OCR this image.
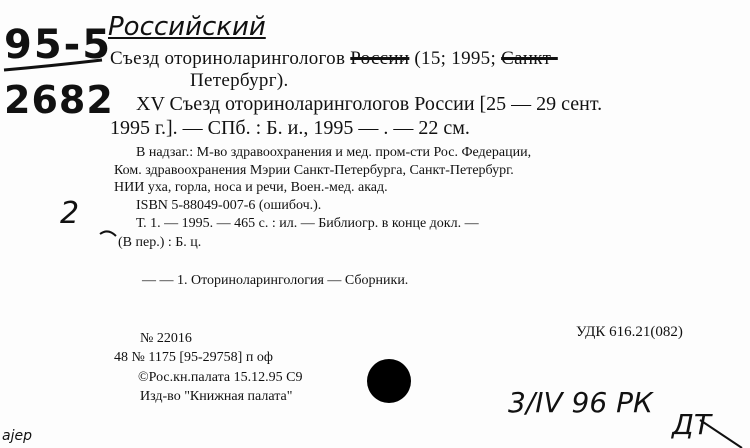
95-5
2682
Российский
2
3/IV 96 РК
ДТ
ajep
Съезд оториноларингологов России (15; 1995; Санкт-
Петербург).
XV Съезд оториноларингологов России [25 — 29 сент.
1995 г.]. — СПб. : Б. и., 1995 — . — 22 см.
В надзаг.: М-во здравоохранения и мед. пром-сти Рос. Федерации,
Ком. здравоохранения Мэрии Санкт-Петербурга, Санкт-Петербург.
НИИ уха, горла, носа и речи, Воен.-мед. акад.
ISBN 5-88049-007-6 (ошибоч.).
Т. 1. — 1995. — 465 с. : ил. — Библиогр. в конце докл. —
(В пер.) : Б. ц.
— — 1. Оториноларингология — Сборники.
№ 22016	УДК 616.21(082)
48 № 1175 [95-29758] п оф
©Рос.кн.палата 15.12.95 С9
Изд-во "Книжная палата"
